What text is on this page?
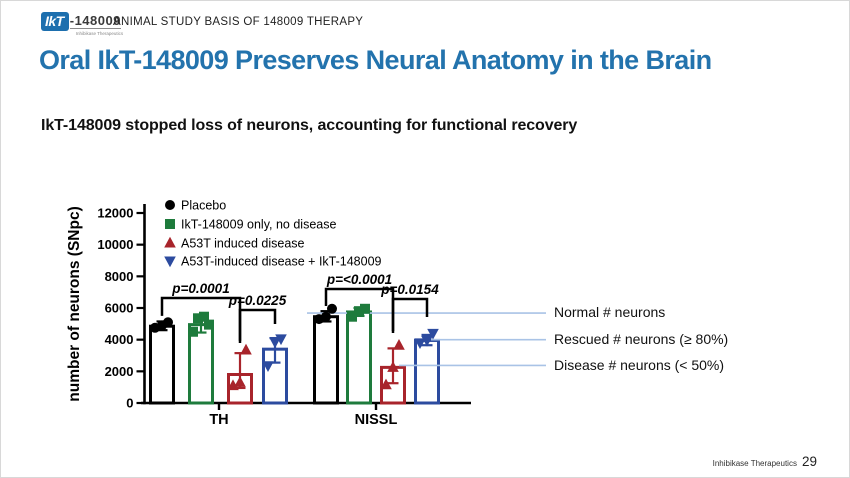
IkT -148009
Inhibikase Therapeutics
ANIMAL STUDY BASIS OF 148009 THERAPY
Oral IkT-148009 Preserves Neural Anatomy in the Brain
IkT-148009 stopped loss of neurons, accounting for functional recovery
0
2000
4000
6000
8000
10000
12000
number of neurons (SNpc)
TH	NISSL
Placebo
IkT-148009 only, no disease
A53T induced disease
A53T-induced disease + IkT-148009
p=0.0001
p=0.0225
p=<0.0001
p=0.0154
Normal # neurons
Rescued # neurons (≥ 80%)
Disease # neurons (< 50%)
Inhibikase Therapeutics 29
